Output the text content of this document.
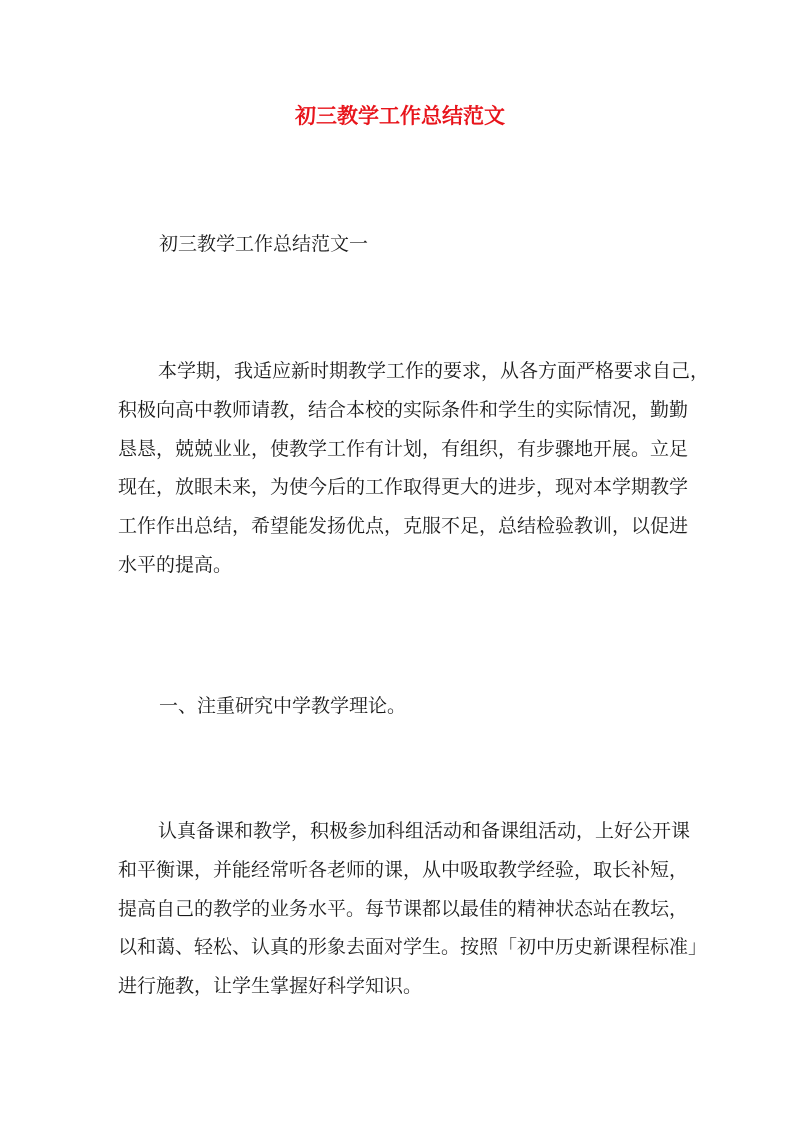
初三教学工作总结范文

初三教学工作总结范文一

本学期，我适应新时期教学工作的要求，从各方面严格要求自己，
积极向高中教师请教，结合本校的实际条件和学生的实际情况，勤勤
恳恳，兢兢业业，使教学工作有计划，有组织，有步骤地开展。立足
现在，放眼未来，为使今后的工作取得更大的进步，现对本学期教学
工作作出总结，希望能发扬优点，克服不足，总结检验教训，以促进
水平的提高。

一、注重研究中学教学理论。

认真备课和教学，积极参加科组活动和备课组活动，上好公开课
和平衡课，并能经常听各老师的课，从中吸取教学经验，取长补短，
提高自己的教学的业务水平。每节课都以最佳的精神状态站在教坛，
以和蔼、轻松、认真的形象去面对学生。按照「初中历史新课程标准」
进行施教，让学生掌握好科学知识。
